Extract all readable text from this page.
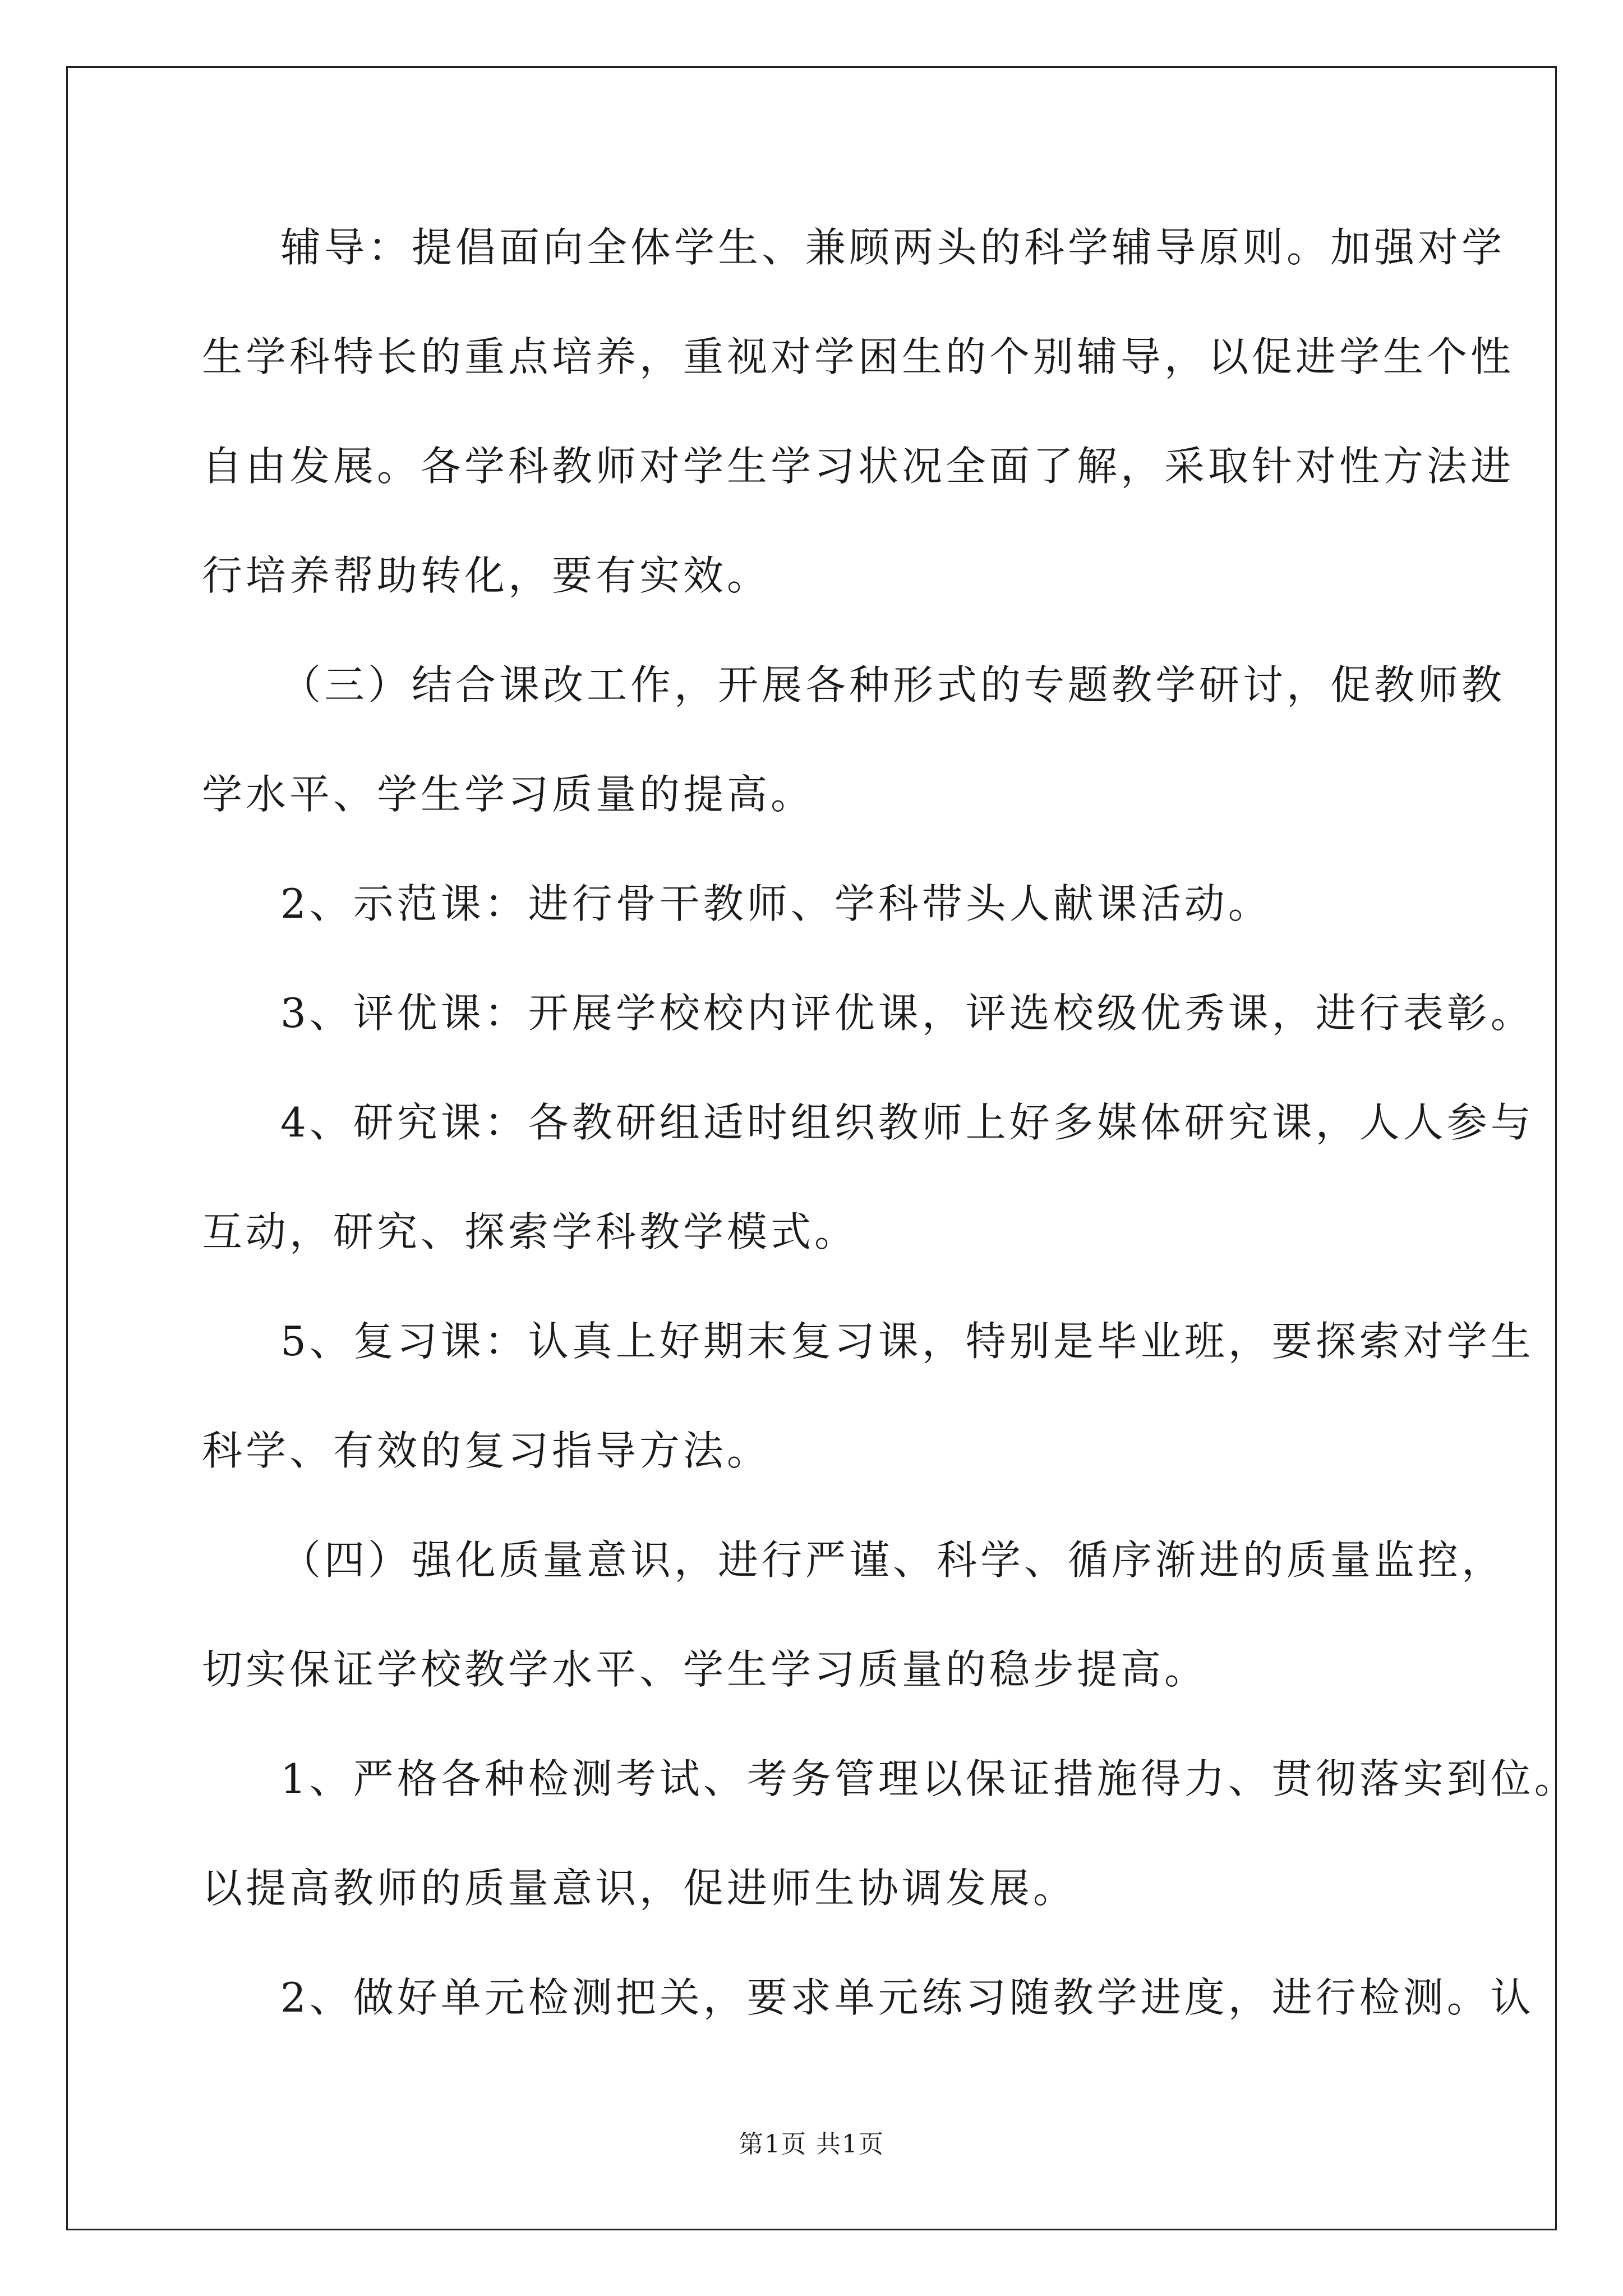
辅导：提倡面向全体学生、兼顾两头的科学辅导原则。加强对学
生学科特长的重点培养，重视对学困生的个别辅导，以促进学生个性
自由发展。各学科教师对学生学习状况全面了解，采取针对性方法进
行培养帮助转化，要有实效。
（三）结合课改工作，开展各种形式的专题教学研讨，促教师教
学水平、学生学习质量的提高。
2、示范课：进行骨干教师、学科带头人献课活动。
3、评优课：开展学校校内评优课，评选校级优秀课，进行表彰。
4、研究课：各教研组适时组织教师上好多媒体研究课，人人参与
互动，研究、探索学科教学模式。
5、复习课：认真上好期末复习课，特别是毕业班，要探索对学生
科学、有效的复习指导方法。
（四）强化质量意识，进行严谨、科学、循序渐进的质量监控，
切实保证学校教学水平、学生学习质量的稳步提高。
1、严格各种检测考试、考务管理以保证措施得力、贯彻落实到位。
以提高教师的质量意识，促进师生协调发展。
2、做好单元检测把关，要求单元练习随教学进度，进行检测。认
第1页 共1页
